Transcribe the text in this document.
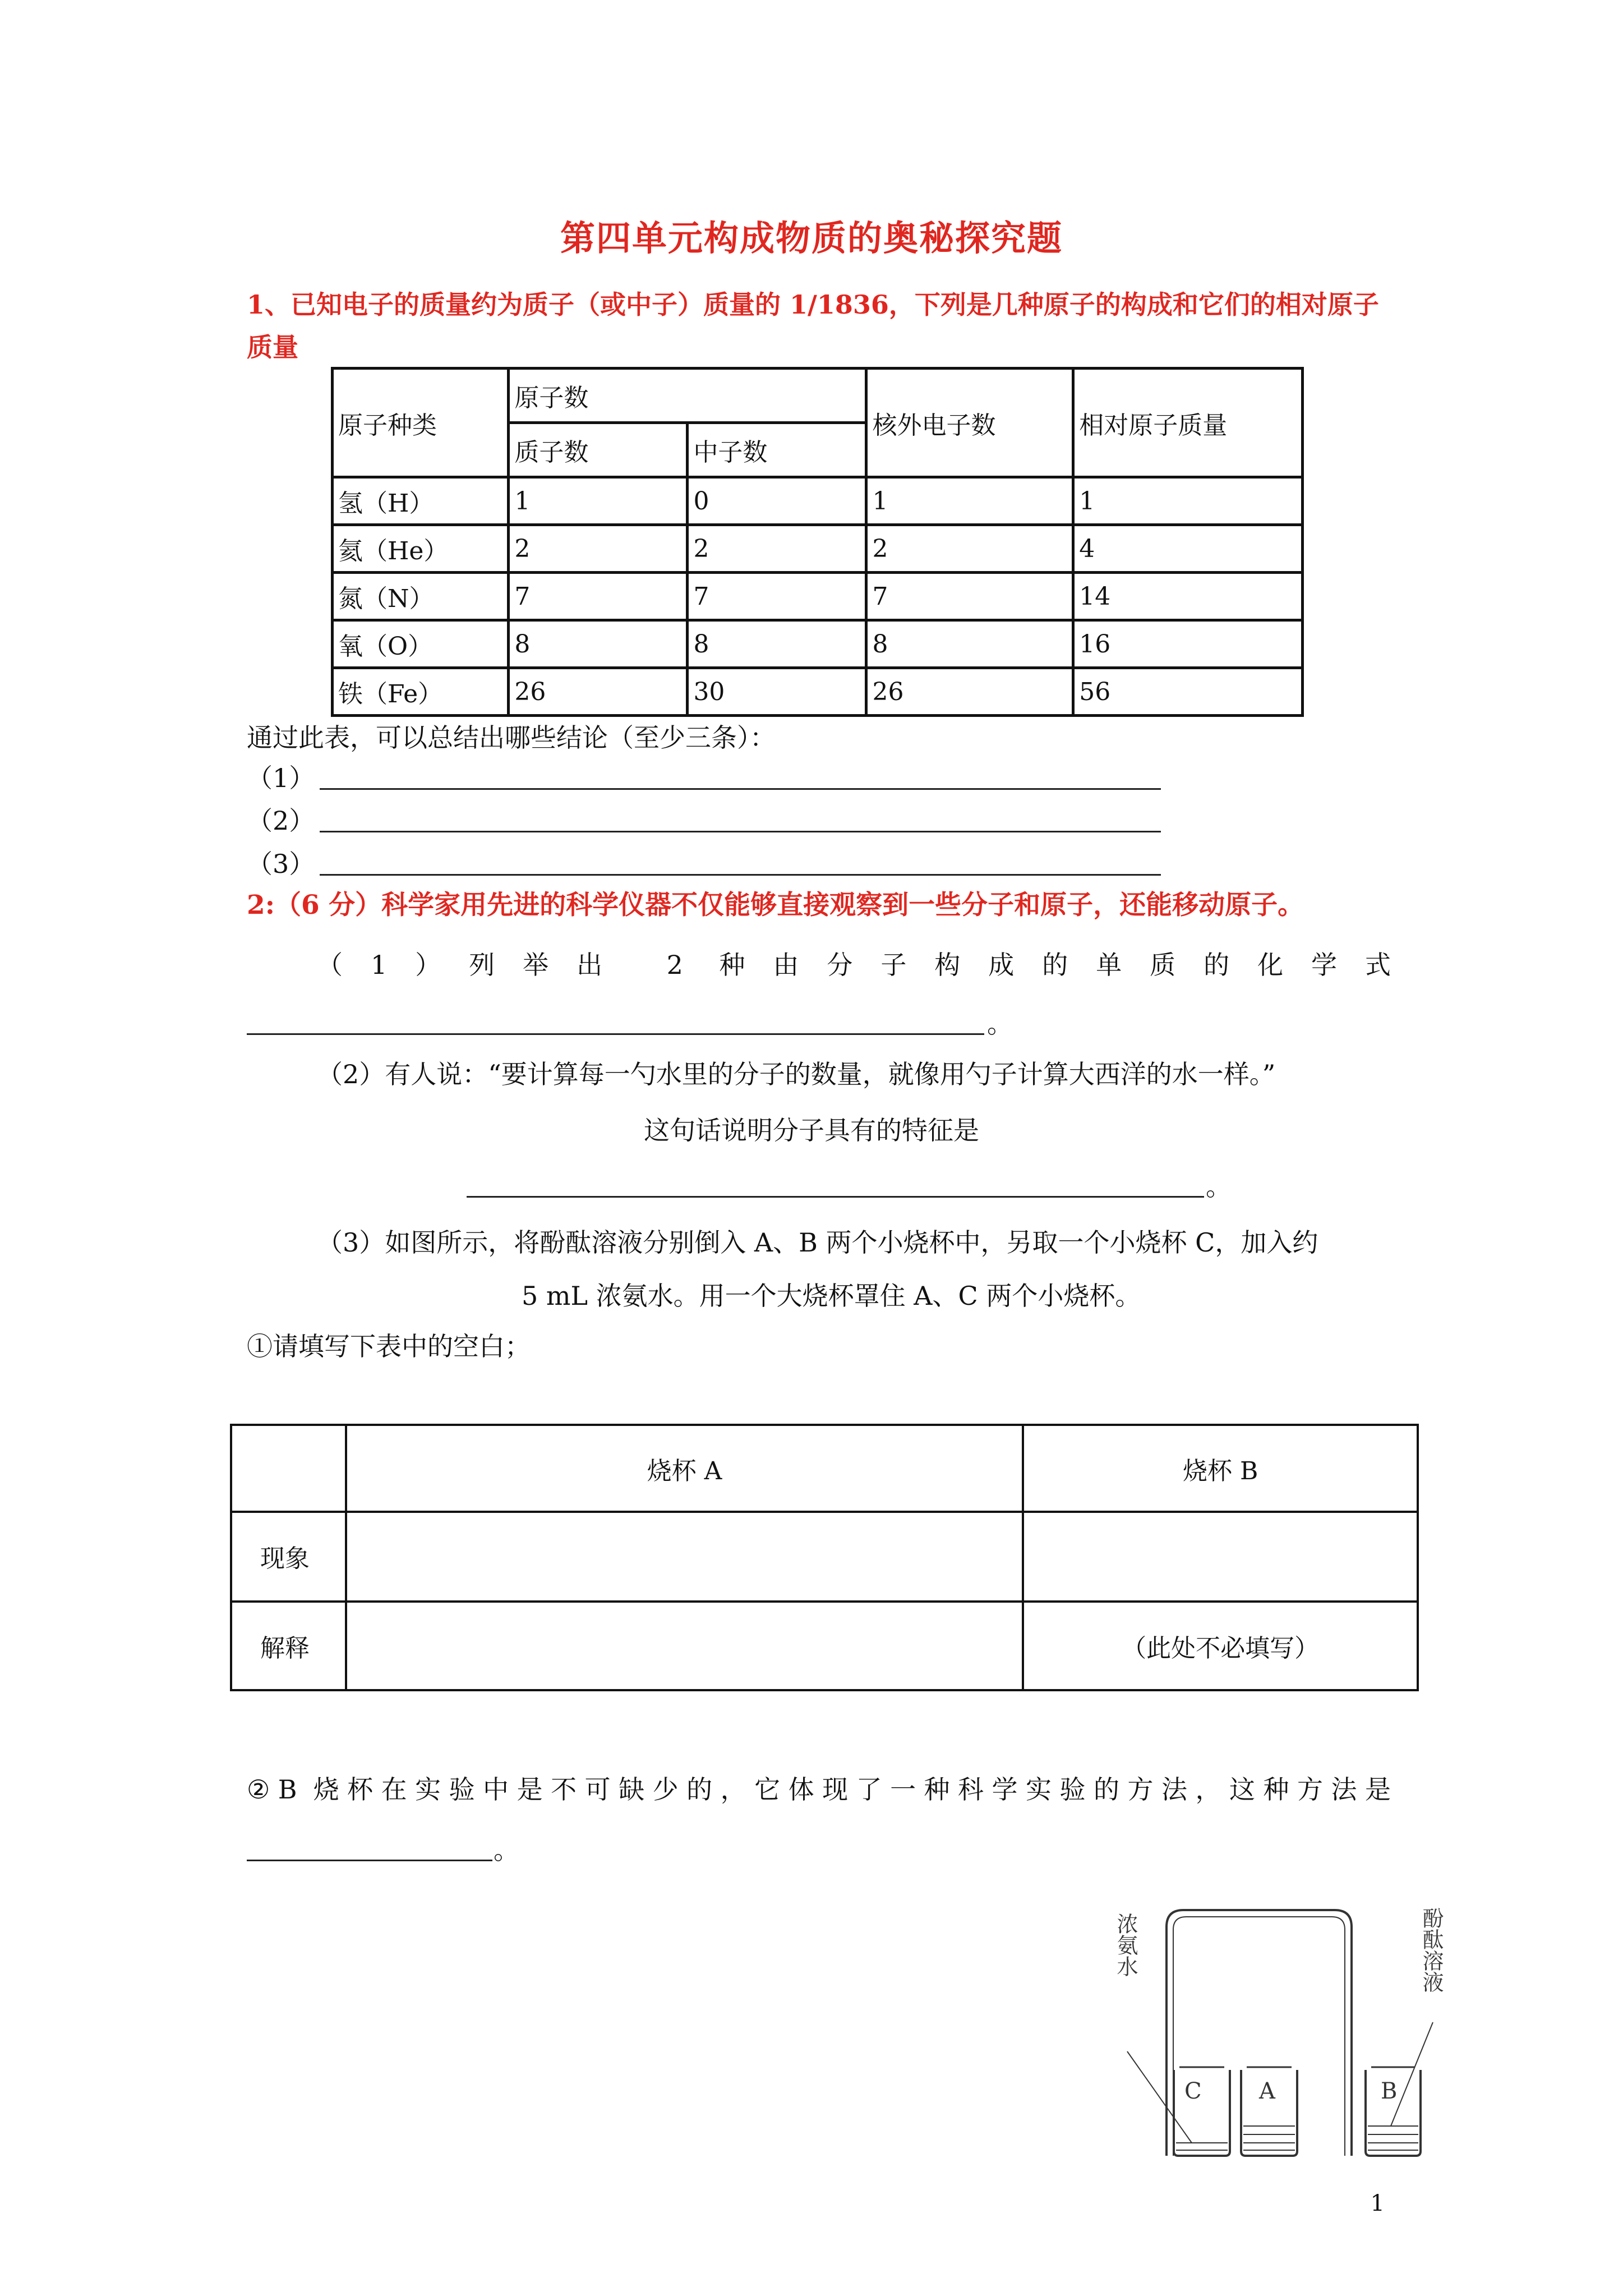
第四单元构成物质的奥秘探究题
1、已知电子的质量约为质子（或中子）质量的 1/1836，下列是几种原子的构成和它们的相对原子质量
原子种类	原子数		核外电子数	相对原子质量
	质子数	中子数		
氢（H）	1	0	1	1
氦（He）	2	2	2	4
氮（N）	7	7	7	14
氧（O）	8	8	8	16
铁（Fe）	26	30	26	56
通过此表，可以总结出哪些结论（至少三条）：
（1）
（2）
（3）
2:（6 分）科学家用先进的科学仪器不仅能够直接观察到一些分子和原子，还能移动原子。
（1）列举出 2 种由分子构成的单质的化学式
。
（2）有人说：“要计算每一勺水里的分子的数量，就像用勺子计算大西洋的水一样。”
这句话说明分子具有的特征是
。
（3）如图所示，将酚酞溶液分别倒入 A、B 两个小烧杯中，另取一个小烧杯 C，加入约
5 mL 浓氨水。用一个大烧杯罩住 A、C 两个小烧杯。
①请填写下表中的空白；
	烧杯 A	烧杯 B
现象		
解释		（此处不必填写）
②B 烧杯在实验中是不可缺少的，它体现了一种科学实验的方法，这种方法是
。
浓氨水	酚酞溶液
C	A	B
1
